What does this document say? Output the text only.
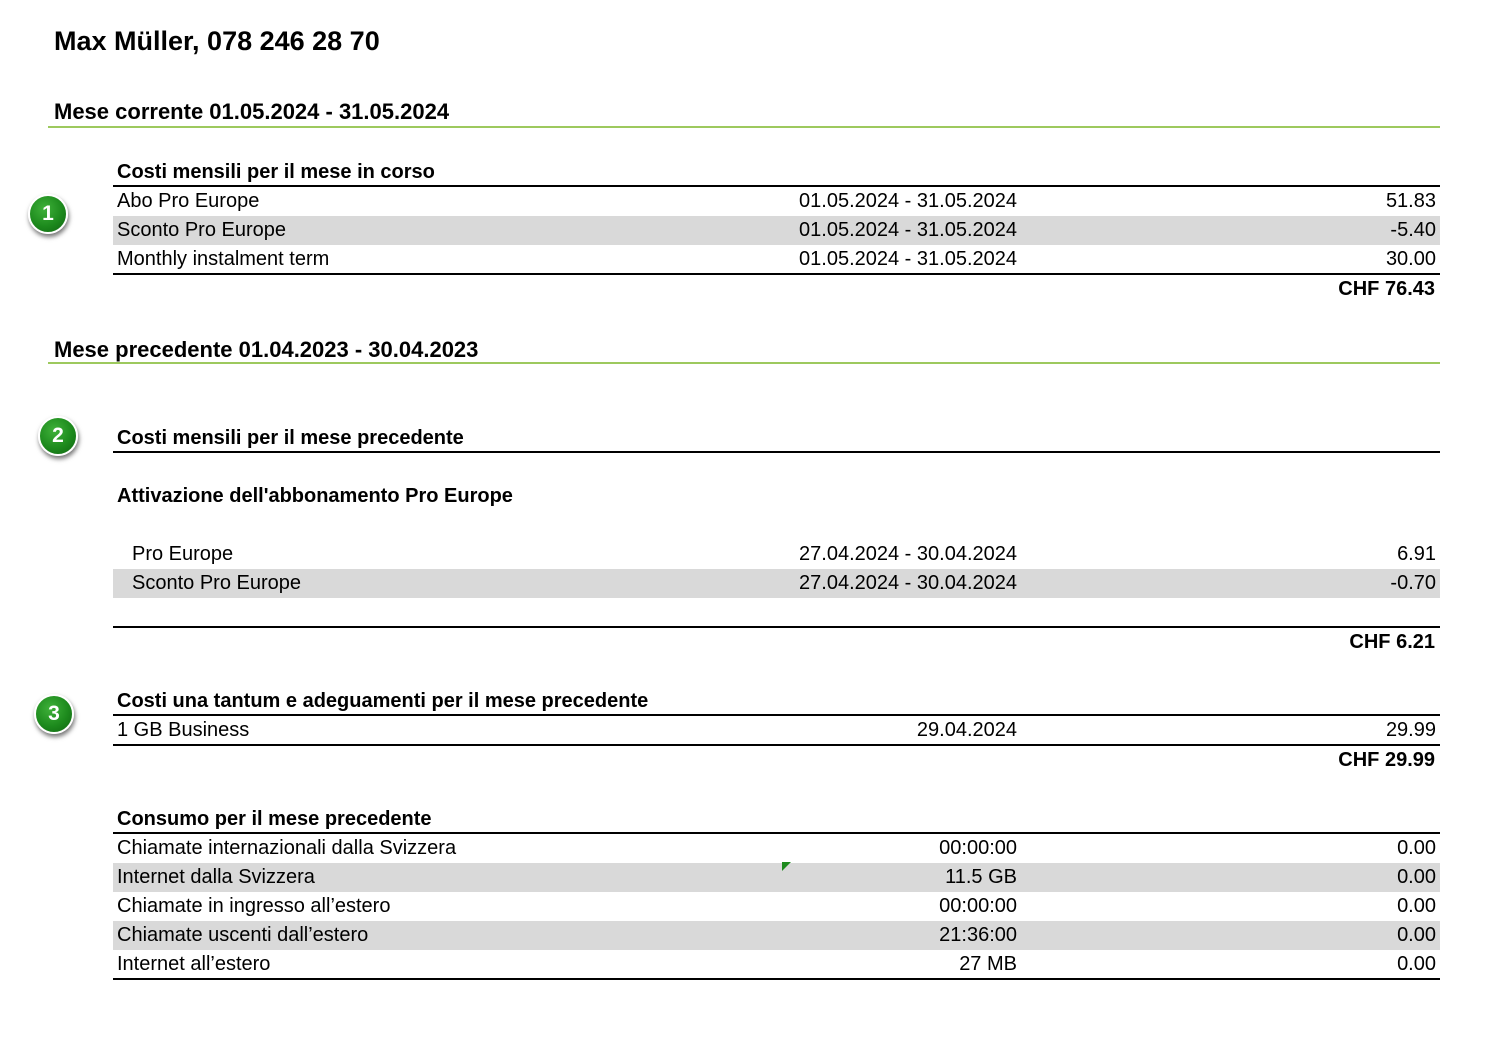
Max Müller, 078 246 28 70
Mese corrente 01.05.2024 - 31.05.2024
1
Costi mensili per il mese in corso
Abo Pro Europe	01.05.2024 - 31.05.2024	51.83
Sconto Pro Europe	01.05.2024 - 31.05.2024	-5.40
Monthly instalment term	01.05.2024 - 31.05.2024	30.00
CHF 76.43
Mese precedente 01.04.2023 - 30.04.2023
2	Costi mensili per il mese precedente
Attivazione dell'abbonamento Pro Europe
Pro Europe	27.04.2024 - 30.04.2024	6.91
Sconto Pro Europe	27.04.2024 - 30.04.2024	-0.70
CHF 6.21
3
Costi una tantum e adeguamenti per il mese precedente
1 GB Business	29.04.2024	29.99
CHF 29.99
Consumo per il mese precedente
Chiamate internazionali dalla Svizzera	00:00:00	0.00
Internet dalla Svizzera	11.5 GB	0.00
Chiamate in ingresso all’estero	00:00:00	0.00
Chiamate uscenti dall’estero	21:36:00	0.00
Internet all’estero	27 MB	0.00
